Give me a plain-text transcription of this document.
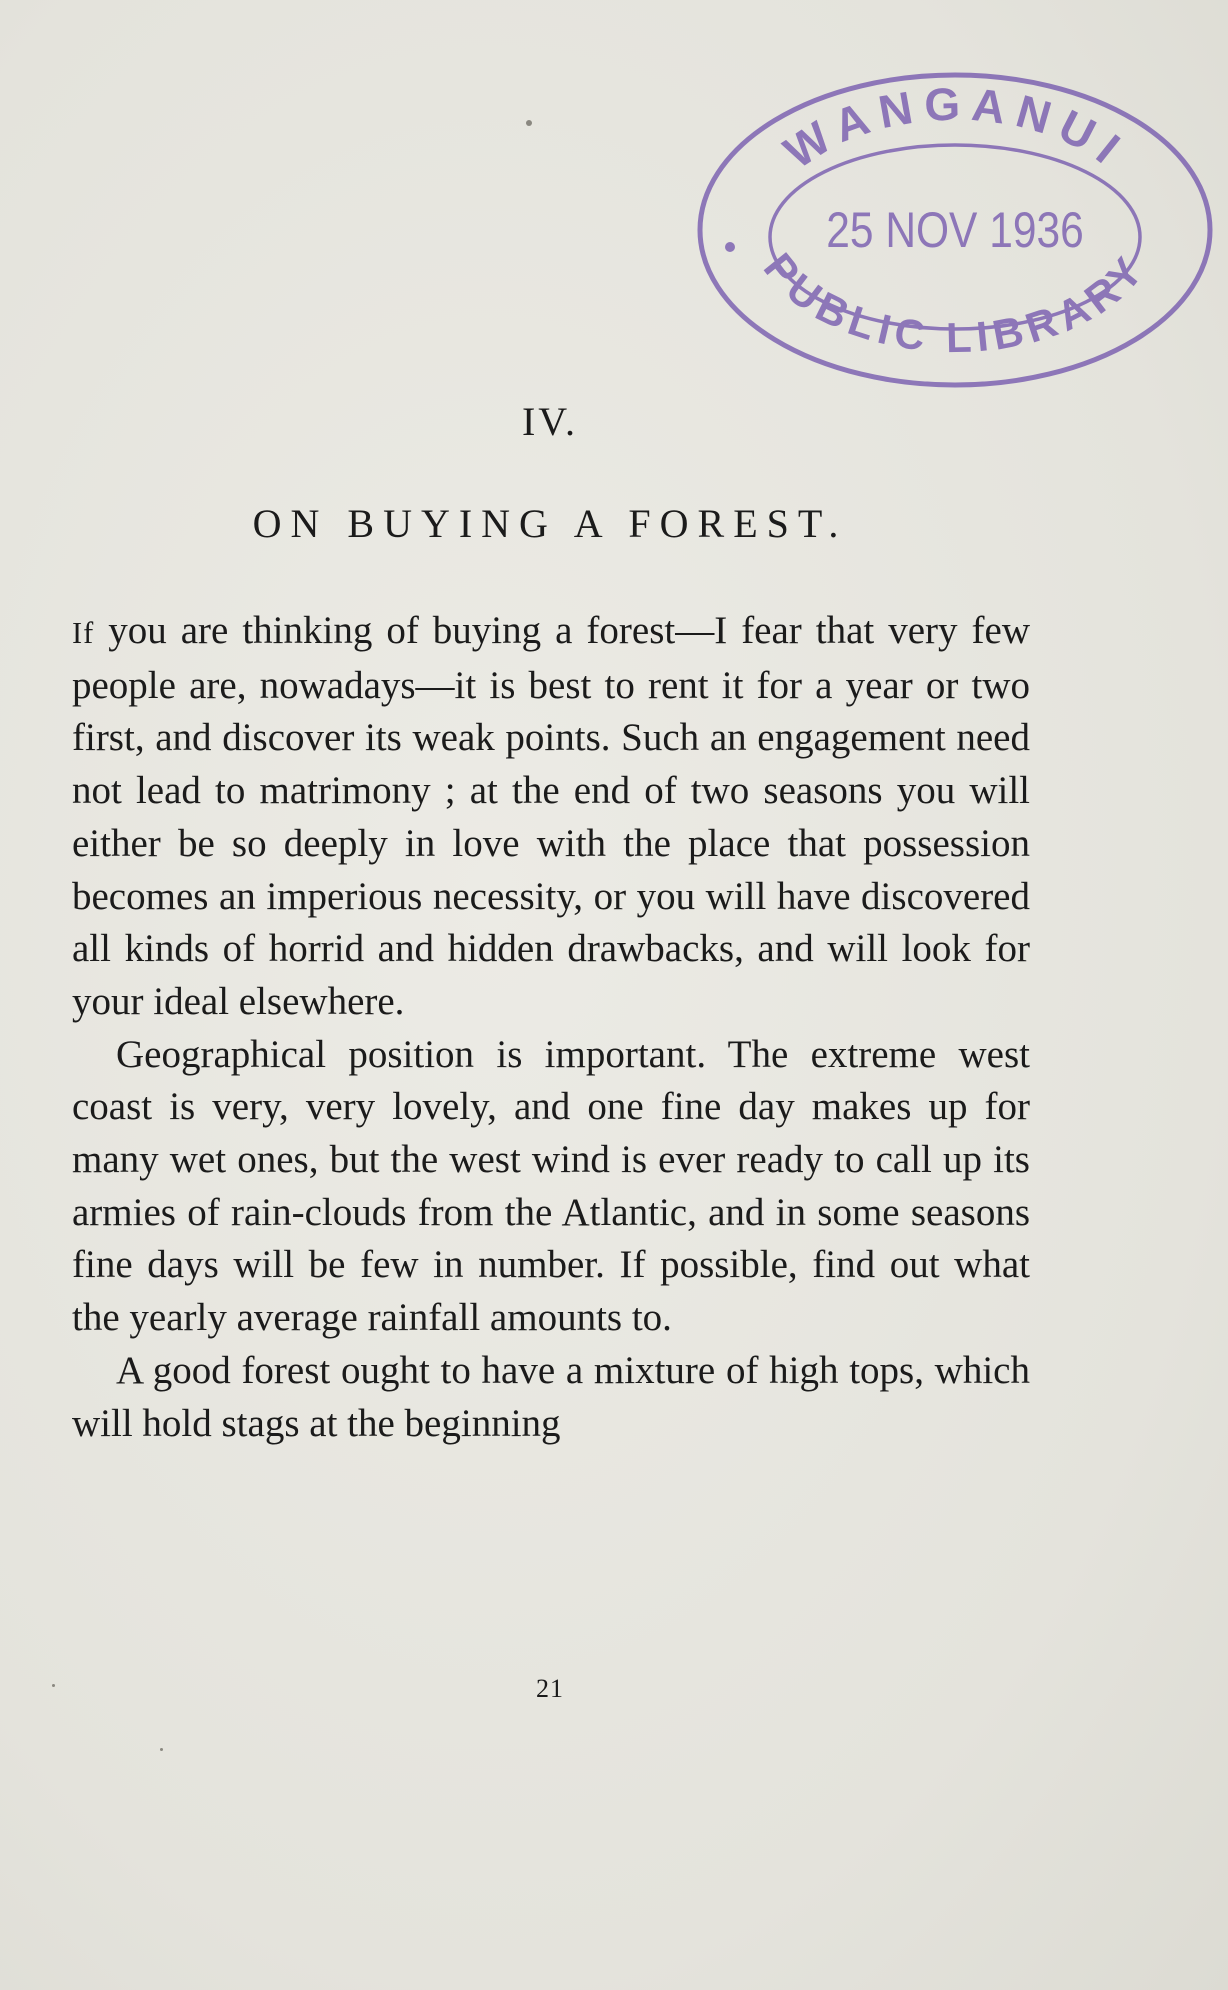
WANGANUI
25 NOV 1936
PUBLIC LIBRARY
IV.
ON BUYING A FOREST.

If you are thinking of buying a forest—I fear that very few people are, nowadays—it is best to rent it for a year or two first, and discover its weak points. Such an engagement need not lead to matrimony ; at the end of two seasons you will either be so deeply in love with the place that possession becomes an imperious necessity, or you will have discovered all kinds of horrid and hidden drawbacks, and will look for your ideal elsewhere.

Geographical position is important. The extreme west coast is very, very lovely, and one fine day makes up for many wet ones, but the west wind is ever ready to call up its armies of rain-clouds from the Atlantic, and in some seasons fine days will be few in number. If possible, find out what the yearly average rainfall amounts to.

A good forest ought to have a mixture of high tops, which will hold stags at the beginning

21
